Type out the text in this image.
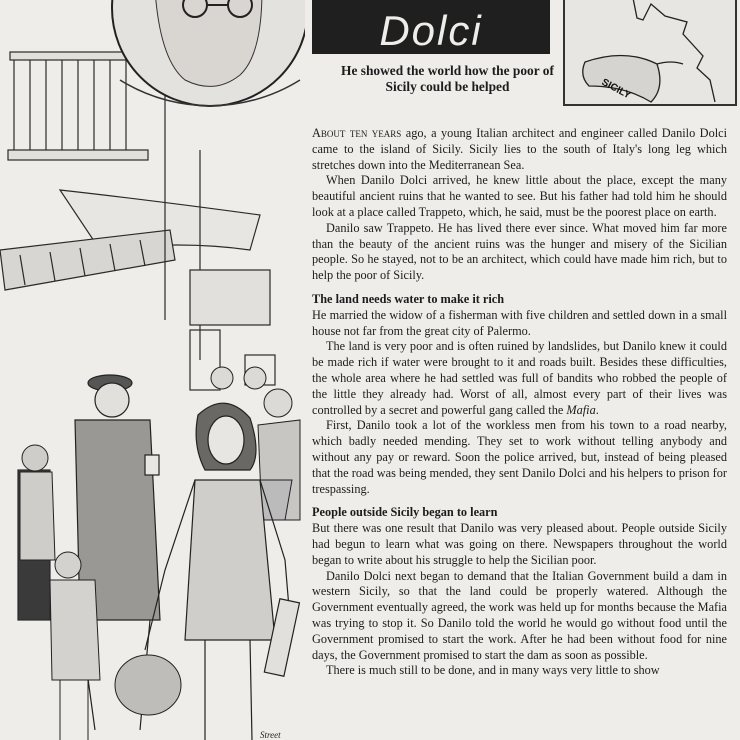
Street
Dolci
SICILY
He showed the world how the poor of Sicily could be helped

About ten years ago, a young Italian architect and engineer called Danilo Dolci came to the island of Sicily. Sicily lies to the south of Italy's long leg which stretches down into the Mediterranean Sea.

When Danilo Dolci arrived, he knew little about the place, except the many beautiful ancient ruins that he wanted to see. But his father had told him he should look at a place called Trappeto, which, he said, must be the poorest place on earth.

Danilo saw Trappeto. He has lived there ever since. What moved him far more than the beauty of the ancient ruins was the hunger and misery of the Sicilian people. So he stayed, not to be an architect, which could have made him rich, but to help the poor of Sicily.

The land needs water to make it rich

He married the widow of a fisherman with five children and settled down in a small house not far from the great city of Palermo.

The land is very poor and is often ruined by landslides, but Danilo knew it could be made rich if water were brought to it and roads built. Besides these difficulties, the whole area where he had settled was full of bandits who robbed the people of the little they already had. Worst of all, almost every part of their lives was controlled by a secret and powerful gang called the Mafia.

First, Danilo took a lot of the workless men from his town to a road nearby, which badly needed mending. They set to work without telling anybody and without any pay or reward. Soon the police arrived, but, instead of being pleased that the road was being mended, they sent Danilo Dolci and his helpers to prison for trespassing.

People outside Sicily began to learn

But there was one result that Danilo was very pleased about. People outside Sicily had begun to learn what was going on there. Newspapers throughout the world began to write about his struggle to help the Sicilian poor.

Danilo Dolci next began to demand that the Italian Government build a dam in western Sicily, so that the land could be properly watered. Although the Government eventually agreed, the work was held up for months because the Mafia was trying to stop it. So Danilo told the world he would go without food until the Government promised to start the work. After he had been without food for nine days, the Government promised to start the dam as soon as possible.

There is much still to be done, and in many ways very little to show
